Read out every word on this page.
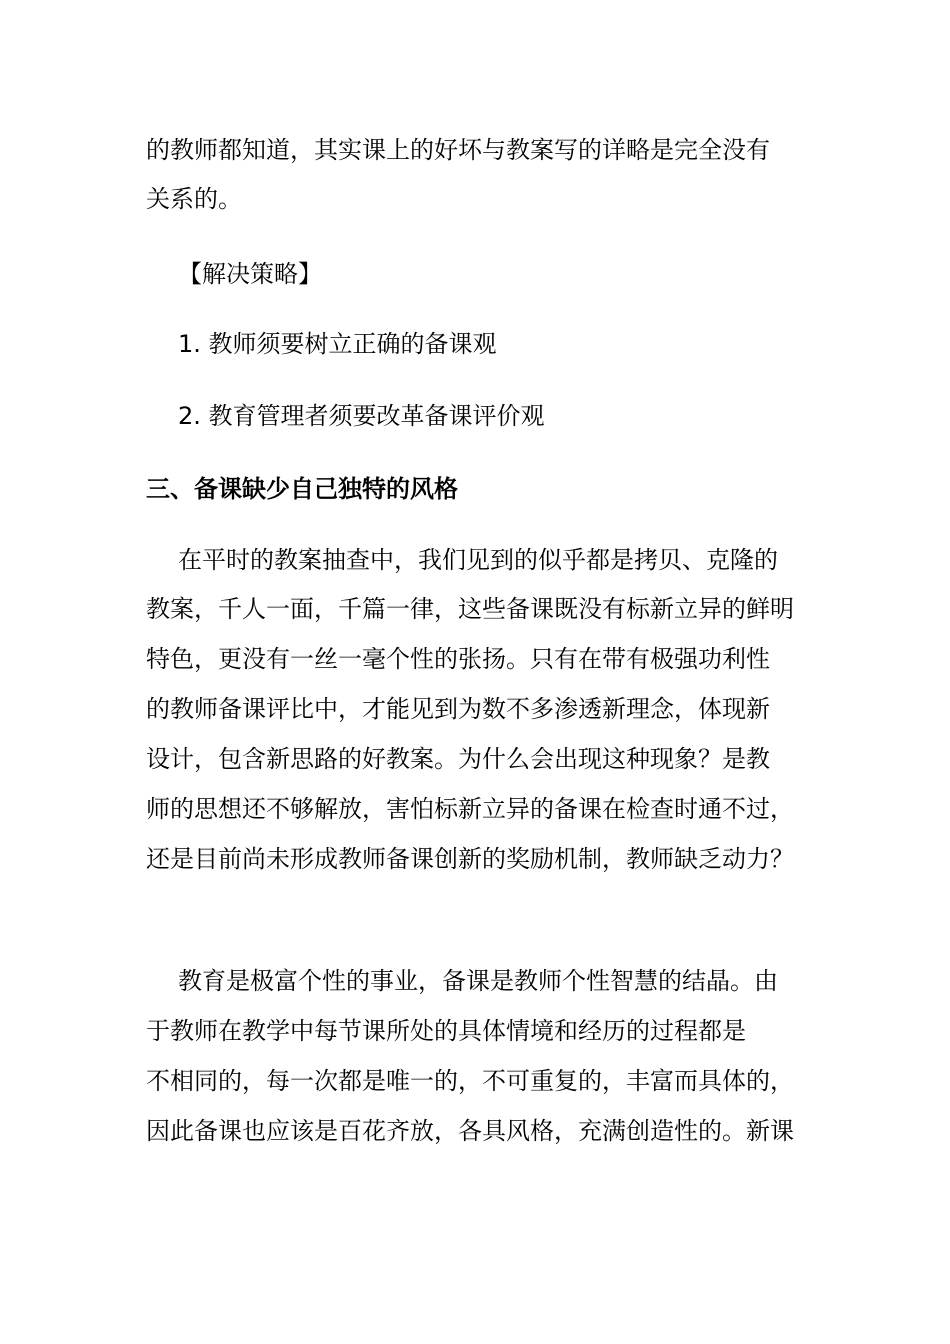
的教师都知道，其实课上的好坏与教案写的详略是完全没有
关系的。
【解决策略】
1. 教师须要树立正确的备课观
2. 教育管理者须要改革备课评价观
三、备课缺少自己独特的风格
在平时的教案抽查中，我们见到的似乎都是拷贝、克隆的
教案，千人一面，千篇一律，这些备课既没有标新立异的鲜明
特色，更没有一丝一毫个性的张扬。只有在带有极强功利性
的教师备课评比中，才能见到为数不多渗透新理念，体现新
设计，包含新思路的好教案。为什么会出现这种现象？是教
师的思想还不够解放，害怕标新立异的备课在检查时通不过，
还是目前尚未形成教师备课创新的奖励机制，教师缺乏动力？
教育是极富个性的事业，备课是教师个性智慧的结晶。由
于教师在教学中每节课所处的具体情境和经历的过程都是
不相同的，每一次都是唯一的，不可重复的，丰富而具体的，
因此备课也应该是百花齐放，各具风格，充满创造性的。新课
